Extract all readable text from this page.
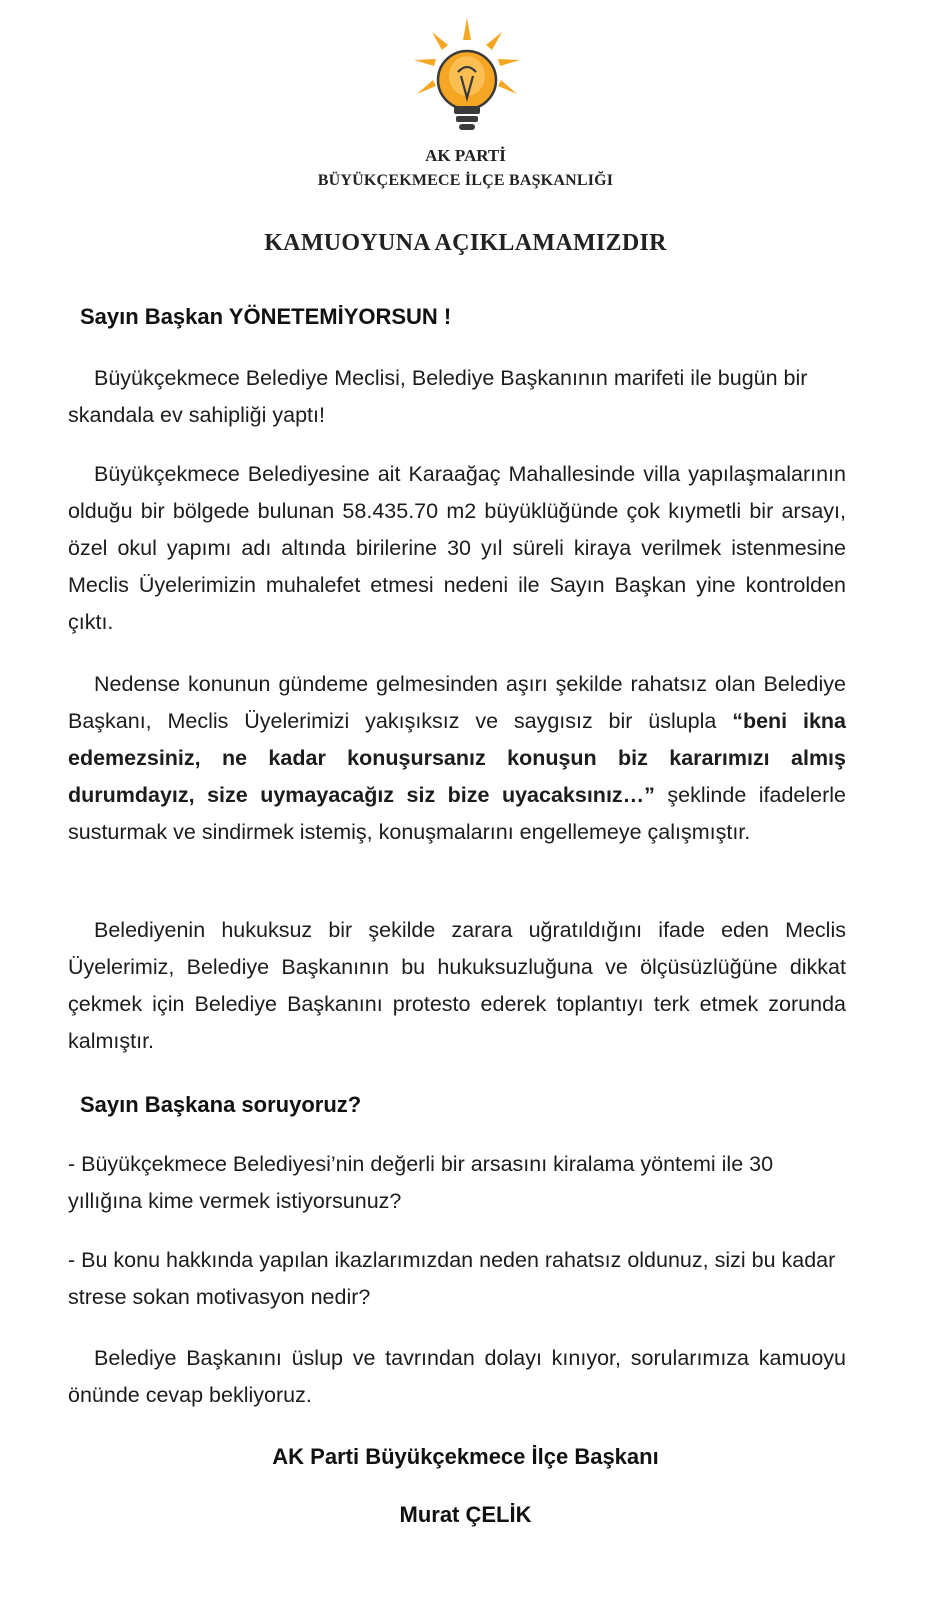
AK PARTİ
BÜYÜKÇEKMECE İLÇE BAŞKANLIĞI
KAMUOYUNA AÇIKLAMAMIZDIR
Sayın Başkan YÖNETEMİYORSUN !
Büyükçekmece Belediye Meclisi, Belediye Başkanının marifeti ile bugün bir skandala ev sahipliği yaptı!
Büyükçekmece Belediyesine ait Karaağaç Mahallesinde villa yapılaşmalarının olduğu bir bölgede bulunan 58.435.70 m2 büyüklüğünde çok kıymetli bir arsayı, özel okul yapımı adı altında birilerine 30 yıl süreli kiraya verilmek istenmesine Meclis Üyelerimizin muhalefet etmesi nedeni ile Sayın Başkan yine kontrolden çıktı.
Nedense konunun gündeme gelmesinden aşırı şekilde rahatsız olan Belediye Başkanı, Meclis Üyelerimizi yakışıksız ve saygısız bir üslupla “beni ikna edemezsiniz, ne kadar konuşursanız konuşun biz kararımızı almış durumdayız, size uymayacağız siz bize uyacaksınız…” şeklinde ifadelerle susturmak ve sindirmek istemiş, konuşmalarını engellemeye çalışmıştır.
Belediyenin hukuksuz bir şekilde zarara uğratıldığını ifade eden Meclis Üyelerimiz, Belediye Başkanının bu hukuksuzluğuna ve ölçüsüzlüğüne dikkat çekmek için Belediye Başkanını protesto ederek toplantıyı terk etmek zorunda kalmıştır.
Sayın Başkana soruyoruz?
- Büyükçekmece Belediyesi’nin değerli bir arsasını kiralama yöntemi ile 30 yıllığına kime vermek istiyorsunuz?
- Bu konu hakkında yapılan ikazlarımızdan neden rahatsız oldunuz, sizi bu kadar strese sokan motivasyon nedir?
Belediye Başkanını üslup ve tavrından dolayı kınıyor, sorularımıza kamuoyu önünde cevap bekliyoruz.
AK Parti Büyükçekmece İlçe Başkanı
Murat ÇELİK
